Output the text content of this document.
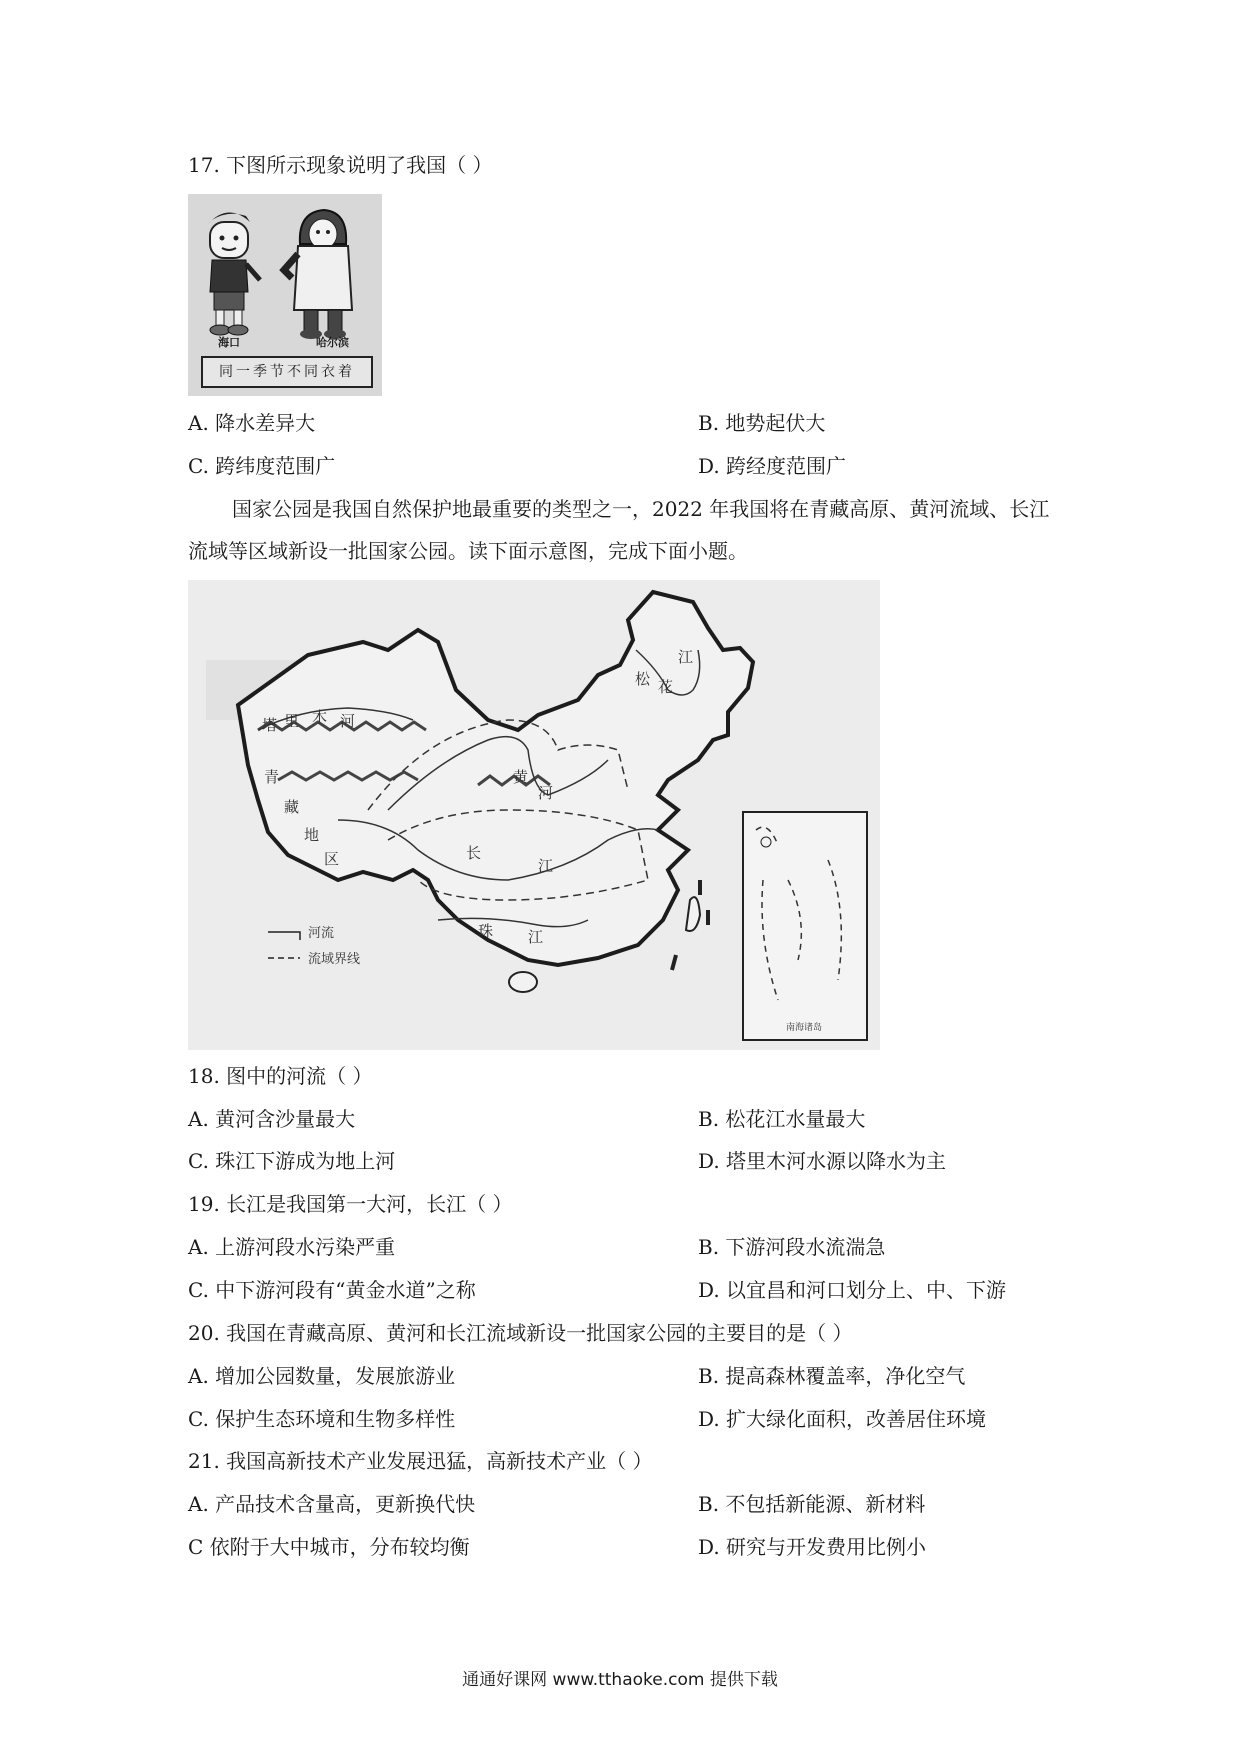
17. 下图所示现象说明了我国（ ）
海口	哈尔滨
同一季节不同衣着
A. 降水差异大	B. 地势起伏大
C. 跨纬度范围广	D. 跨经度范围广
国家公园是我国自然保护地最重要的类型之一，2022 年我国将在青藏高原、黄河流域、长江流域等区域新设一批国家公园。读下面示意图，完成下面小题。
塔 里 木 河
松 花
江
青
藏
地
区
黄
河
长
江
珠 江
河流
流域界线
南海诸岛
18. 图中的河流（ ）
A. 黄河含沙量最大	B. 松花江水量最大
C. 珠江下游成为地上河	D. 塔里木河水源以降水为主
19. 长江是我国第一大河，长江（ ）
A. 上游河段水污染严重	B. 下游河段水流湍急
C. 中下游河段有“黄金水道”之称	D. 以宜昌和河口划分上、中、下游
20. 我国在青藏高原、黄河和长江流域新设一批国家公园的主要目的是（ ）
A. 增加公园数量，发展旅游业	B. 提高森林覆盖率，净化空气
C. 保护生态环境和生物多样性	D. 扩大绿化面积，改善居住环境
21. 我国高新技术产业发展迅猛，高新技术产业（ ）
A. 产品技术含量高，更新换代快	B. 不包括新能源、新材料
C 依附于大中城市，分布较均衡	D. 研究与开发费用比例小
通通好课网 www.tthaoke.com 提供下载
